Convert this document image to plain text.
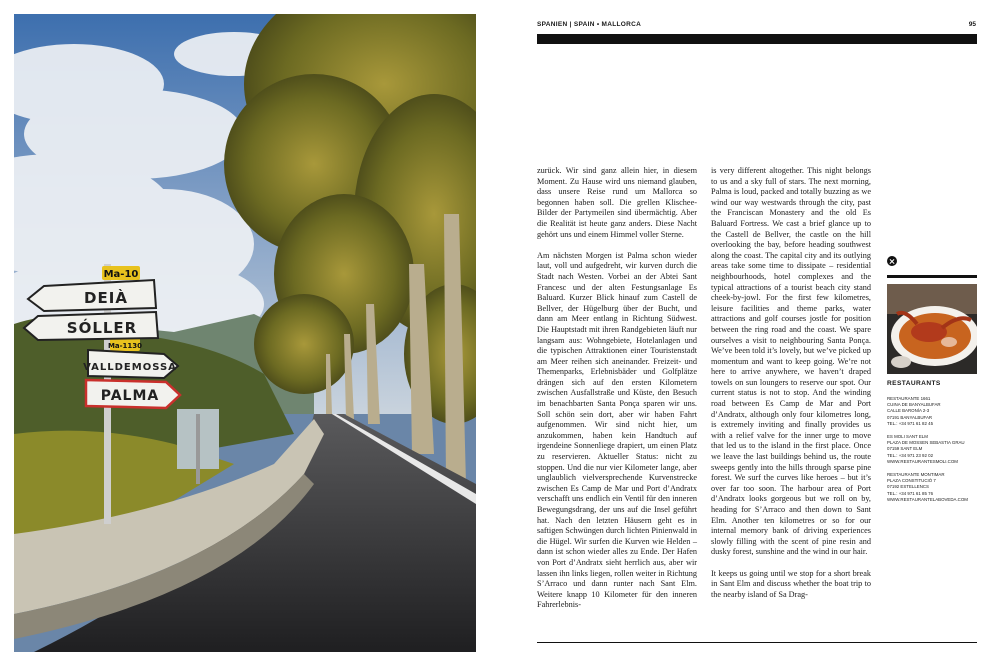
Ma-10
Ma-1130
DEIÀ
SÓLLER
VALLDEMOSSA
PALMA
SPANIEN | SPAIN • MALLORCA	95

zurück. Wir sind ganz allein hier, in diesem Moment. Zu Hause wird uns niemand glauben, dass unsere Reise rund um Mallorca so begonnen haben soll. Die grellen Klischee-Bilder der Partymeilen sind übermächtig. Aber die Realität ist heute ganz anders. Diese Nacht gehört uns und einem Himmel voller Sterne.

Am nächsten Morgen ist Palma schon wieder laut, voll und aufgedreht, wir kurven durch die Stadt nach Westen. Vorbei an der Abtei Sant Francesc und der alten Festungsanlage Es Baluard. Kurzer Blick hinauf zum Castell de Bellver, der Hügelburg über der Bucht, und dann am Meer entlang in Richtung Südwest. Die Hauptstadt mit ihren Randgebieten läuft nur langsam aus: Wohngebiete, Hotelanlagen und die typischen Attraktionen einer Touristenstadt am Meer reihen sich aneinander. Freizeit- und Themenparks, Erlebnisbäder und Golfplätze drängen sich auf den ersten Kilometern zwischen Ausfallstraße und Küste, den Besuch im benachbarten Santa Ponça sparen wir uns. Soll schön sein dort, aber wir haben Fahrt aufgenommen. Wir sind nicht hier, um anzukommen, haben kein Handtuch auf irgendeine Sonnenliege drapiert, um einen Platz zu reservieren. Aktueller Status: nicht zu stoppen. Und die nur vier Kilometer lange, aber unglaublich vielversprechende Kurvenstrecke zwischen Es Camp de Mar und Port d’Andratx verschafft uns endlich ein Ventil für den inneren Bewegungsdrang, der uns auf die Insel geführt hat. Nach den letzten Häusern geht es in saftigen Schwüngen durch lichten Pinienwald in die Hügel. Wir surfen die Kurven wie Helden – dann ist schon wieder alles zu Ende. Der Hafen von Port d’Andratx sieht herrlich aus, aber wir lassen ihn links liegen, rollen weiter in Richtung S’Arraco und dann runter nach Sant Elm. Weitere knapp 10 Kilometer für den inneren Fahrerlebnis-

is very different altogether. This night belongs to us and a sky full of stars. The next morning, Palma is loud, packed and totally buzzing as we wind our way westwards through the city, past the Franciscan Monastery and the old Es Baluard Fortress. We cast a brief glance up to the Castell de Bellver, the castle on the hill overlooking the bay, before heading southwest along the coast. The capital city and its outlying areas take some time to dissipate – residential neighbourhoods, hotel complexes and the typical attractions of a tourist beach city stand cheek-by-jowl. For the first few kilometres, leisure facilities and theme parks, water attractions and golf courses jostle for position between the ring road and the coast. We spare ourselves a visit to neighbouring Santa Ponça. We’ve been told it’s lovely, but we’ve picked up momentum and want to keep going. We’re not here to arrive anywhere, we haven’t draped towels on sun loungers to reserve our spot. Our current status is not to stop. And the winding road between Es Camp de Mar and Port d’Andratx, although only four kilometres long, is extremely inviting and finally provides us with a relief valve for the inner urge to move that led us to the island in the first place. Once we leave the last buildings behind us, the route sweeps gently into the hills through sparse pine forest. We surf the curves like heroes – but it’s over far too soon. The harbour area of Port d’Andratx looks gorgeous but we roll on by, heading for S’Arraco and then down to Sant Elm. Another ten kilometres or so for our internal memory bank of driving experiences slowly filling with the scent of pine resin and dusky forest, sunshine and the wind in our hair.

It keeps us going until we stop for a short break in Sant Elm and discuss whether the boat trip to the nearby island of Sa Drag-

RESTAURANTS
RESTAURANTE 1661
CUINA DE BANYALBUFAR
CALLE BARONÍA 2-3
07191 BANYALBUFAR
TEL.: +34 971 61 82 45
ES MOLI SANT ELM
PLAZA DE MOSSEN SEBASTIA GRAU
07159 SANT ELM
TEL.: +34 971 23 92 02
WWW.RESTAURANTESMOLI.COM
RESTAURANTE MONTIMAR
PLAZA CONSTITUCIÓ 7
07192 ESTELLENCS
TEL.: +34 971 61 85 76
WWW.RESTAURANTELABOVEDA.COM
